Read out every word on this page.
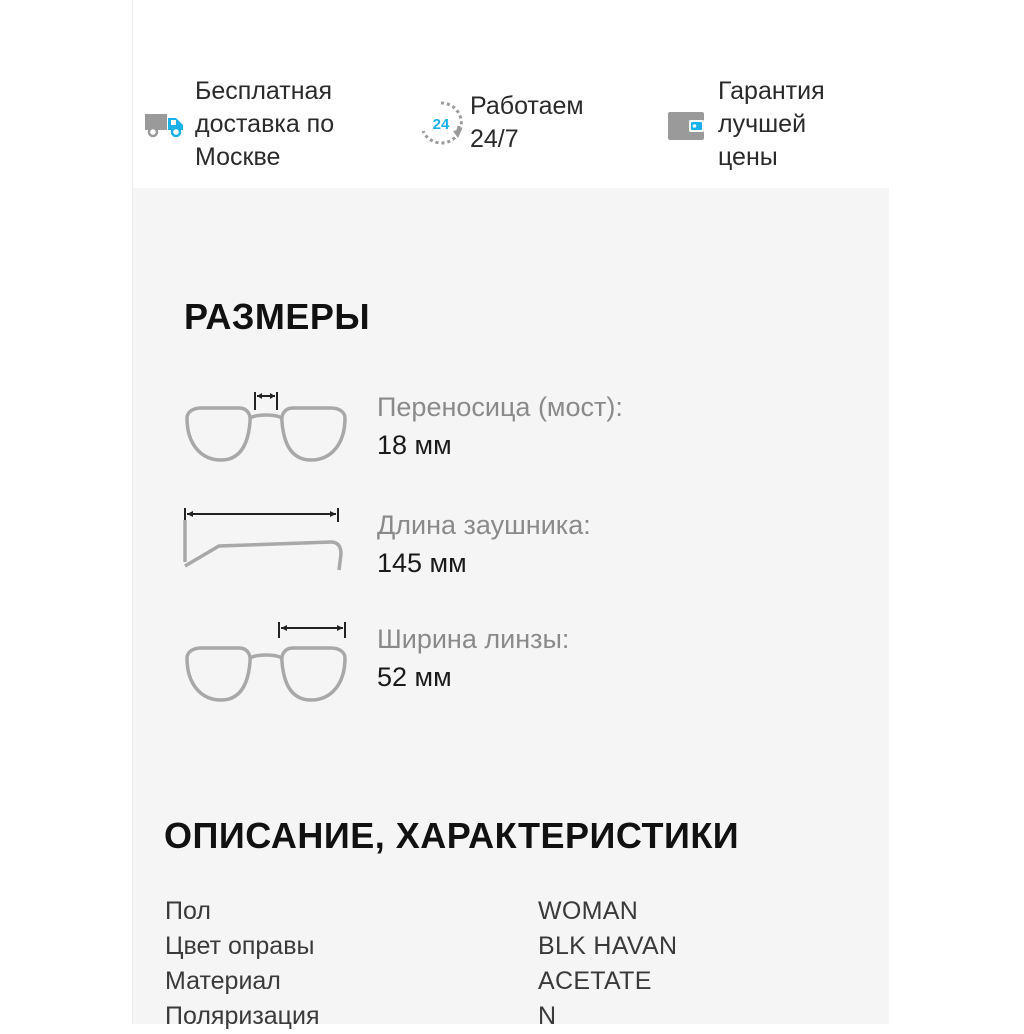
Бесплатная
доставка по
Москве
24
Работаем
24/7
Гарантия
лучшей
цены
РАЗМЕРЫ
Переносица (мост):
18 мм
Длина заушника:
145 мм
Ширина линзы:
52 мм
ОПИСАНИЕ, ХАРАКТЕРИСТИКИ
Пол	WOMAN
Цвет оправы	BLK HAVAN
Материал	ACETATE
Поляризация	N
